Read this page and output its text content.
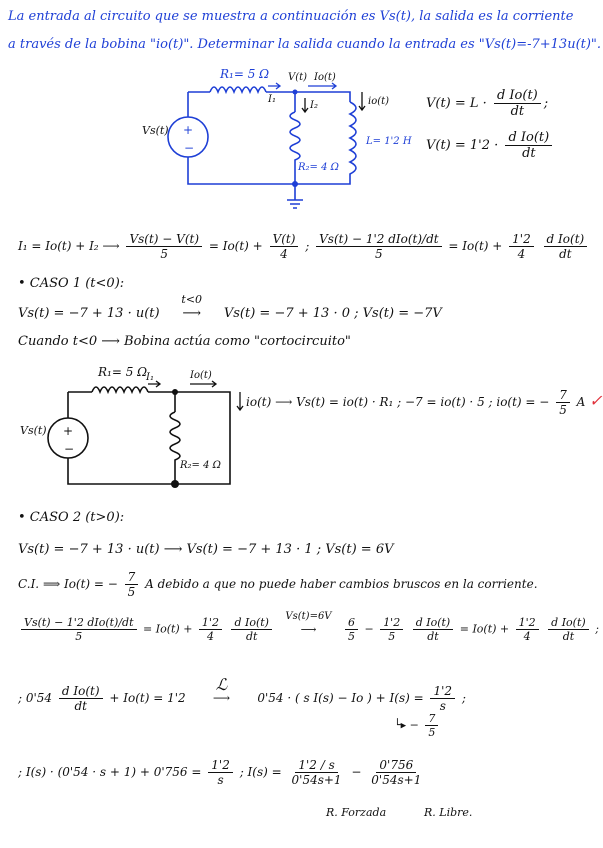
La entrada al circuito que se muestra a continuación es Vs(t), la salida es la corriente
a través de la bobina "io(t)". Determinar la salida cuando la entrada es "Vs(t)=-7+13u(t)".
R₁= 5 Ω
I₁
V(t) Io(t)
I₂	io(t)
L= 1'2 H
R₂= 4 Ω
Vs(t) +
−
$V(t) = L \cdot \frac{\text{d Io(t)}}{dt}$ ;
$V(t) = 1'2 \cdot \frac{\text{d Io(t)}}{dt}$
I₁ = Io(t) + I₂ ⟶ $\frac{Vs(t) - V(t)}{5} = Io(t) + \frac{V(t)}{4}$ ; $\frac{\text{Vs(t) − 1'2 dIo(t)/dt}}{5} = Io(t) + \frac{1'2}{4}$
$\frac{\text{d Io(t)}}{dt}$
• CASO 1 (t<0):
Vs(t) = −7 + 13 · u(t)
t<0
⟶ Vs(t) = −7 + 13 · 0 ; Vs(t) = −7V
Cuando t<0 ⟶ Bobina actúa como "cortocircuito"
R₁= 5 Ω
I₁	Io(t)
R₂= 4 Ω
Vs(t) +
−
io(t) ⟶ Vs(t) = io(t) · R₁ ; −7 = io(t) · 5 ; io(t) = − $\frac{7}{5}$ A ✓
• CASO 2 (t>0):
Vs(t) = −7 + 13 · u(t) ⟶ Vs(t) = −7 + 13 · 1 ; Vs(t) = 6V
C.I. ⟹ Io(t) = − $\frac{7}{5}$ A debido a que no puede haber cambios bruscos en la corriente.
$\frac{\text{Vs(t) − 1'2 dIo(t)/dt}}{5} = Io(t) + \frac{1'2}{4}$
$\frac{\text{d Io(t)}}{dt}$
	Vs(t)=6V
⟶	$\frac{6}{5} - \frac{1'2}{5}$
$\frac{\text{d Io(t)}}{dt} = Io(t) + \frac{1'2}{4}$
$\frac{\text{d Io(t)}}{dt}$ ;
; $0'54 \frac{\text{d Io(t)}}{dt} + Io(t) = 1'2$
ℒ
⟶ 0'54 · ( s I(s) − Io ) + $I(s) = \frac{1'2}{s}$ ;
└▸ − $\frac{7}{5}$
; $I(s) \cdot (0'54 \cdot s + 1) + 0'756 = \frac{1'2}{s}$ ; $I(s) = \frac{1'2 / s}{0'54s+1} - \frac{0'756}{0'54s+1}$
R. Forzada	R. Libre.
